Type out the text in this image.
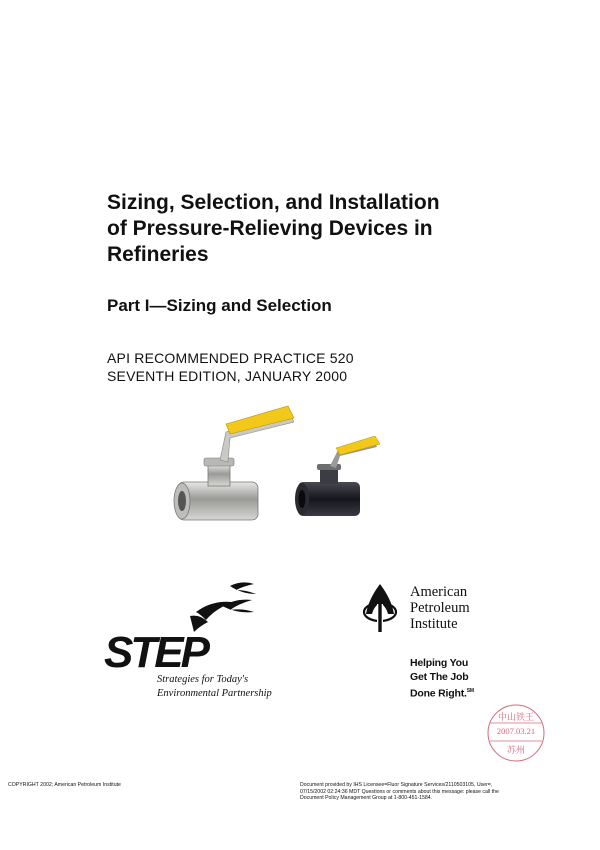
Sizing, Selection, and Installation
of Pressure-Relieving Devices in
Refineries
Part I—Sizing and Selection
API RECOMMENDED PRACTICE 520
SEVENTH EDITION, JANUARY 2000
STEP
Strategies for Today's
Environmental Partnership
American
Petroleum
Institute
Helping You
Get The Job
Done Right.℠
中山铁王
2007.03.21
苏州
COPYRIGHT 2002; American Petroleum Institute	Document provided by IHS Licensee=Fluor Signature Services/2110503105, User=, 07/15/2002 02:24:36 MDT Questions or comments about this message: please call the Document Policy Management Group at 1-800-451-1584.
